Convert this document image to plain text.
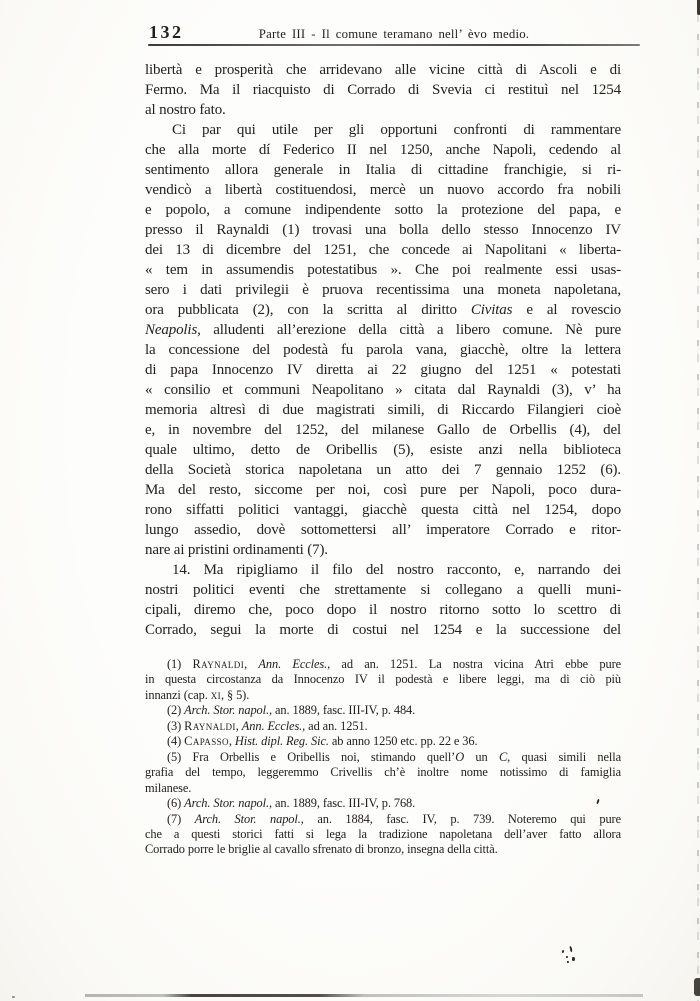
132	Parte III - Il comune teramano nell’ èvo medio.
libertà e prosperità che arridevano alle vicine città di Ascoli e di
Fermo. Ma il riacquisto di Corrado di Svevia ci restituì nel 1254
al nostro fato.
Ci par qui utile per gli opportuni confronti di rammentare
che alla morte dí Federico II nel 1250, anche Napoli, cedendo al
sentimento allora generale in Italia di cittadine franchigie, si ri-
vendicò a libertà costituendosi, mercè un nuovo accordo fra nobili
e popolo, a comune indipendente sotto la protezione del papa, e
presso il Raynaldi (1) trovasi una bolla dello stesso Innocenzo IV
dei 13 di dicembre del 1251, che concede ai Napolitani « liberta-
« tem in assumendis potestatibus ». Che poi realmente essi usas-
sero i dati privilegii è pruova recentissima una moneta napoletana,
ora pubblicata (2), con la scritta al diritto Civitas e al rovescio
Neapolis, alludenti all’erezione della città a libero comune. Nè pure
la concessione del podestà fu parola vana, giacchè, oltre la lettera
di papa Innocenzo IV diretta ai 22 giugno del 1251 « potestati
« consilio et communi Neapolitano » citata dal Raynaldi (3), v’ ha
memoria altresì di due magistrati simili, di Riccardo Filangieri cioè
e, in novembre del 1252, del milanese Gallo de Orbellis (4), del
quale ultimo, detto de Oribellis (5), esiste anzi nella biblioteca
della Società storica napoletana un atto dei 7 gennaio 1252 (6).
Ma del resto, siccome per noi, così pure per Napoli, poco dura-
rono siffatti politici vantaggi, giacchè questa città nel 1254, dopo
lungo assedio, dovè sottomettersi all’ imperatore Corrado e ritor-
nare ai pristini ordinamenti (7).
14. Ma ripigliamo il filo del nostro racconto, e, narrando dei
nostri politici eventi che strettamente si collegano a quelli muni-
cipali, diremo che, poco dopo il nostro ritorno sotto lo scettro di
Corrado, segui la morte di costui nel 1254 e la successione del
(1) Raynaldi, Ann. Eccles., ad an. 1251. La nostra vicina Atri ebbe pure
in questa circostanza da Innocenzo IV il podestà e libere leggi, ma di ciò più
innanzi (cap. xi, § 5).
(2) Arch. Stor. napol., an. 1889, fasc. III-IV, p. 484.
(3) Raynaldi, Ann. Eccles., ad an. 1251.
(4) Capasso, Hist. dipl. Reg. Sic. ab anno 1250 etc. pp. 22 e 36.
(5) Fra Orbellis e Oribellis noi, stimando quell’O un C, quasi simili nella
grafia del tempo, leggeremmo Crivellis ch’è inoltre nome notissimo di famiglia
milanese.
(6) Arch. Stor. napol., an. 1889, fasc. III-IV, p. 768.
(7) Arch. Stor. napol., an. 1884, fasc. IV, p. 739. Noteremo qui pure
che a questi storici fatti si lega la tradizione napoletana dell’aver fatto allora
Corrado porre le briglie al cavallo sfrenato di bronzo, insegna della città.
